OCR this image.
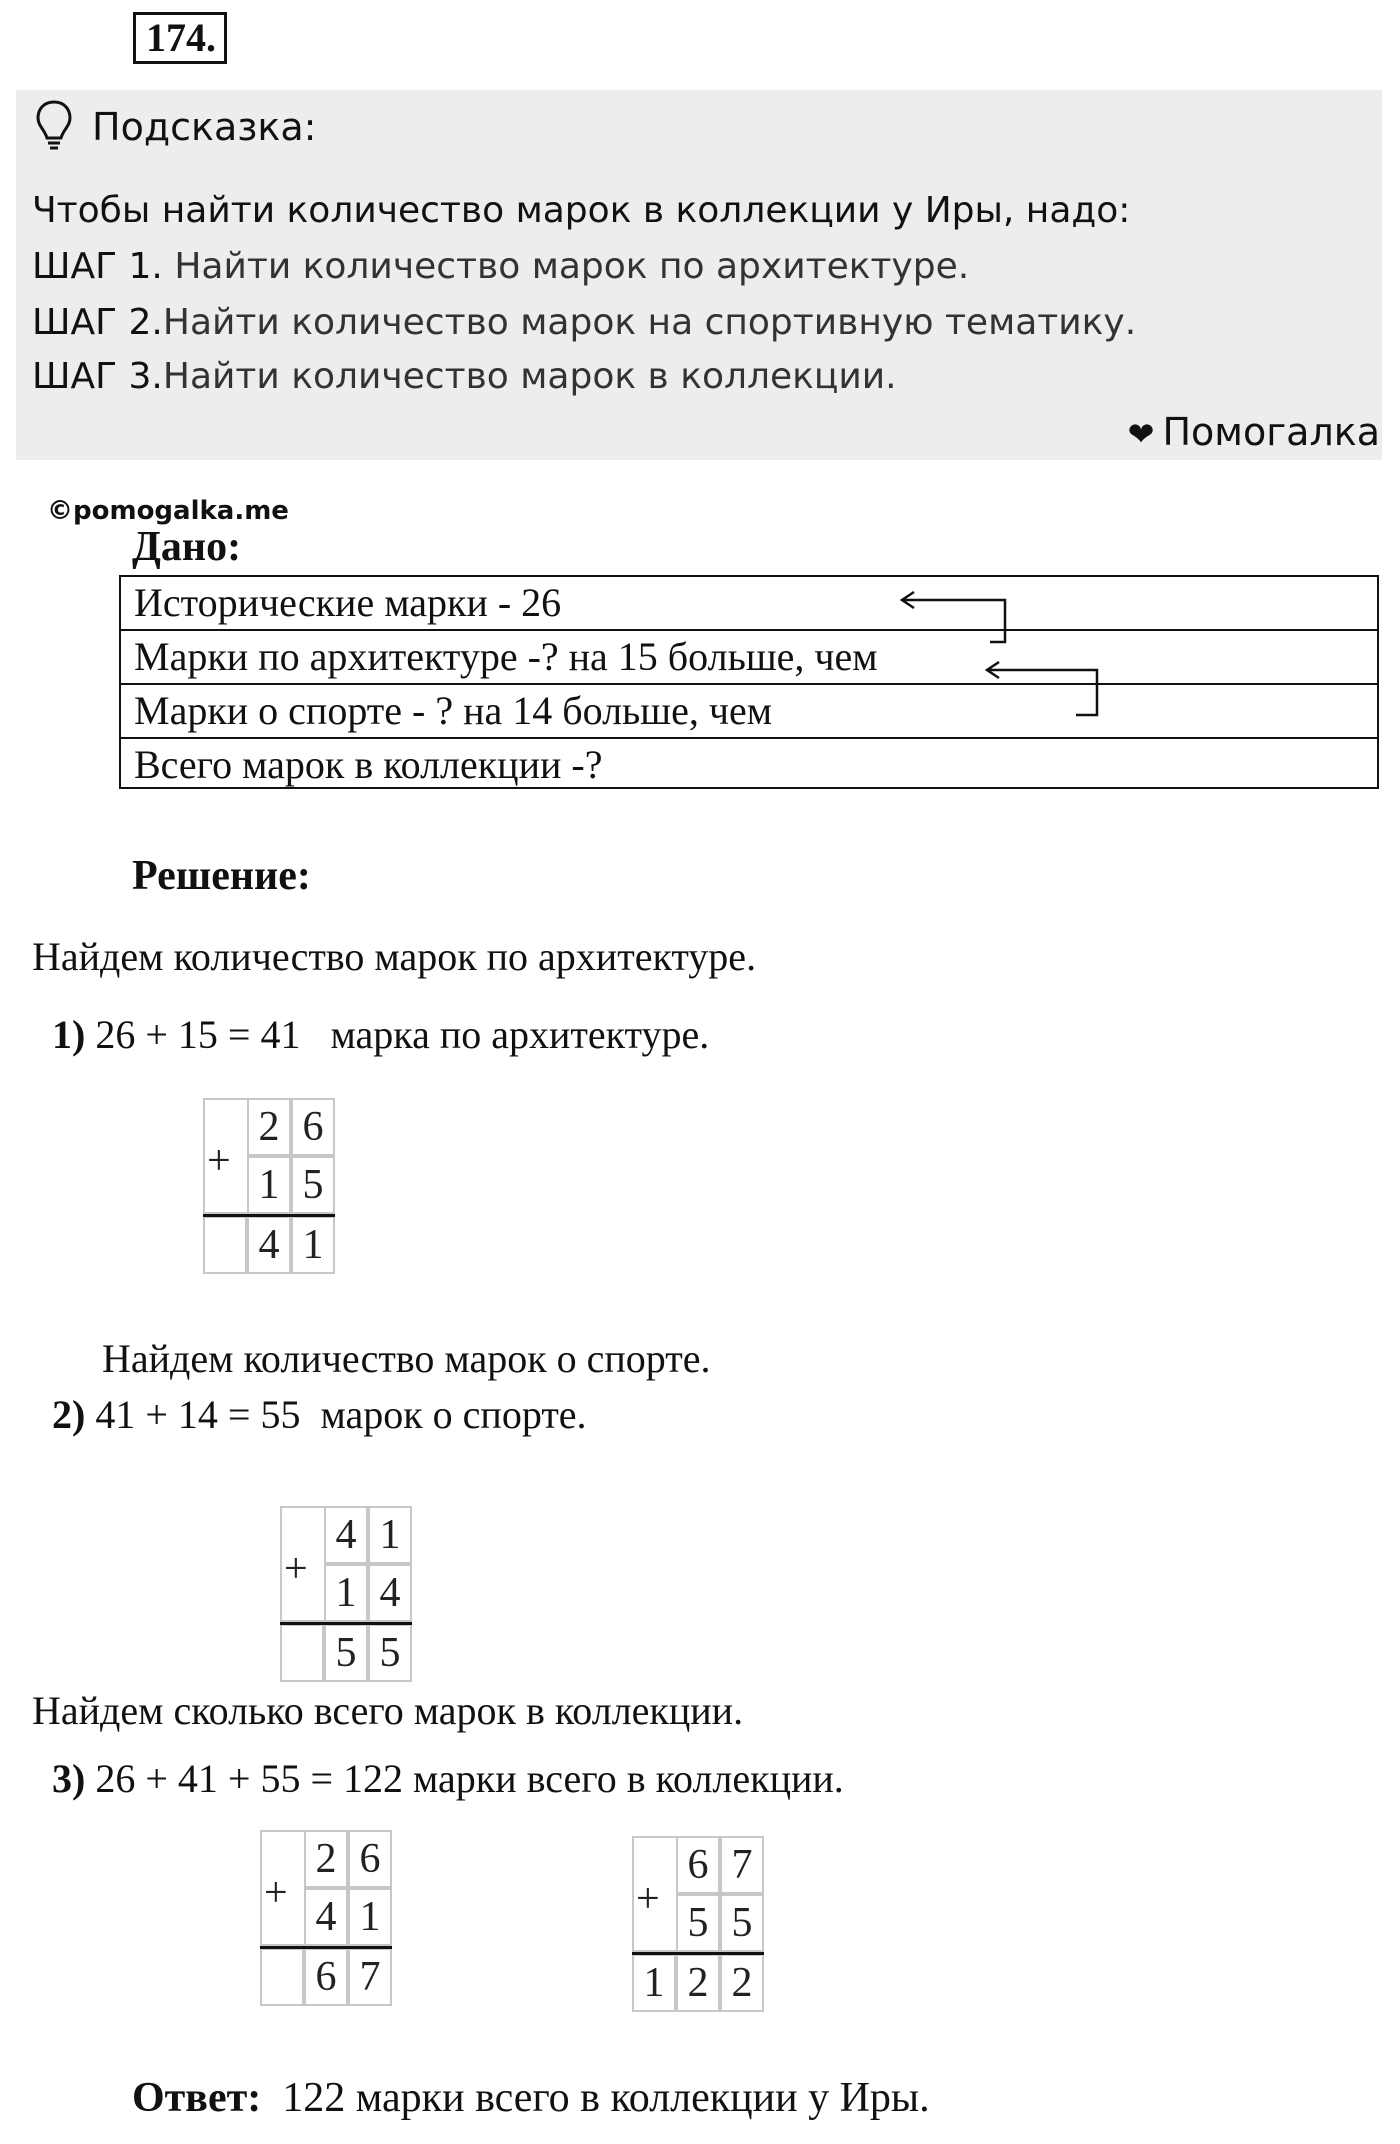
174.
Подсказка:
Чтобы найти количество марок в коллекции у Иры, надо:
ШАГ 1. Найти количество марок по архитектуре.
ШАГ 2.Найти количество марок на спортивную тематику.
ШАГ 3.Найти количество марок в коллекции.
❤ Помогалка
©pomogalka.me
Дано:
Исторические марки - 26
Марки по архитектуре -? на 15 больше, чем
Марки о спорте - ? на 14 больше, чем
Всего марок в коллекции -?
Решение:
Найдем количество марок по архитектуре.
1) 26 + 15 = 41 марка по архитектуре.
+
2 6
1 5
4 1
Найдем количество марок о спорте.
2) 41 + 14 = 55 марок о спорте.
+
4 1
1 4
5 5
Найдем сколько всего марок в коллекции.
3) 26 + 41 + 55 = 122 марки всего в коллекции.
+
2 6
4 1
6 7
+
6 7
5 5
1 2 2
Ответ:  122 марки всего в коллекции у Иры.
